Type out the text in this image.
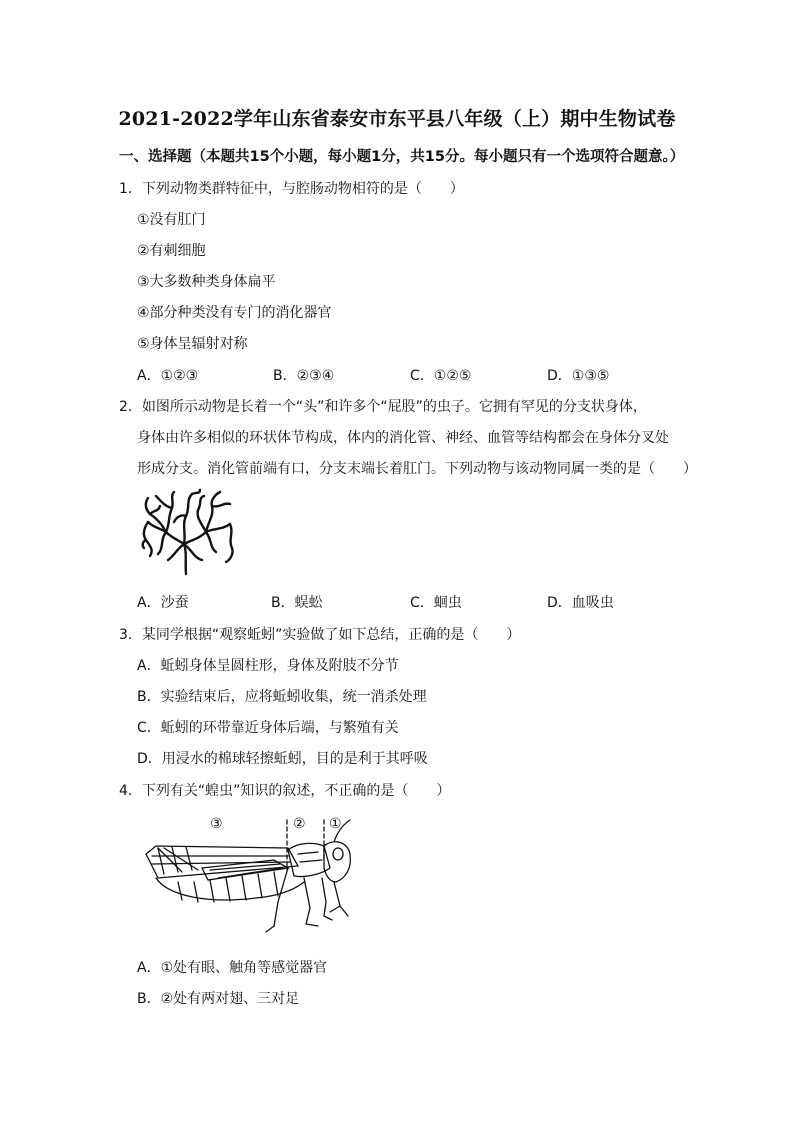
2021-2022学年山东省泰安市东平县八年级（上）期中生物试卷
一、选择题（本题共15个小题，每小题1分，共15分。每小题只有一个选项符合题意。）
1．下列动物类群特征中，与腔肠动物相符的是（　　）
①没有肛门
②有刺细胞
③大多数种类身体扁平
④部分种类没有专门的消化器官
⑤身体呈辐射对称
A．①②③	B．②③④	C．①②⑤	D．①③⑤
2．如图所示动物是长着一个“头”和许多个“屁股”的虫子。它拥有罕见的分支状身体，
身体由许多相似的环状体节构成，体内的消化管、神经、血管等结构都会在身体分叉处
形成分支。消化管前端有口，分支末端长着肛门。下列动物与该动物同属一类的是（　　）
A．沙蚕	B．蜈蚣	C．蛔虫	D．血吸虫
3．某同学根据“观察蚯蚓”实验做了如下总结，正确的是（　　）
A．蚯蚓身体呈圆柱形，身体及附肢不分节
B．实验结束后，应将蚯蚓收集，统一消杀处理
C．蚯蚓的环带靠近身体后端，与繁殖有关
D．用浸水的棉球轻擦蚯蚓，目的是利于其呼吸
4．下列有关“蝗虫”知识的叙述，不正确的是（　　）
③	② ①
A．①处有眼、触角等感觉器官
B．②处有两对翅、三对足
